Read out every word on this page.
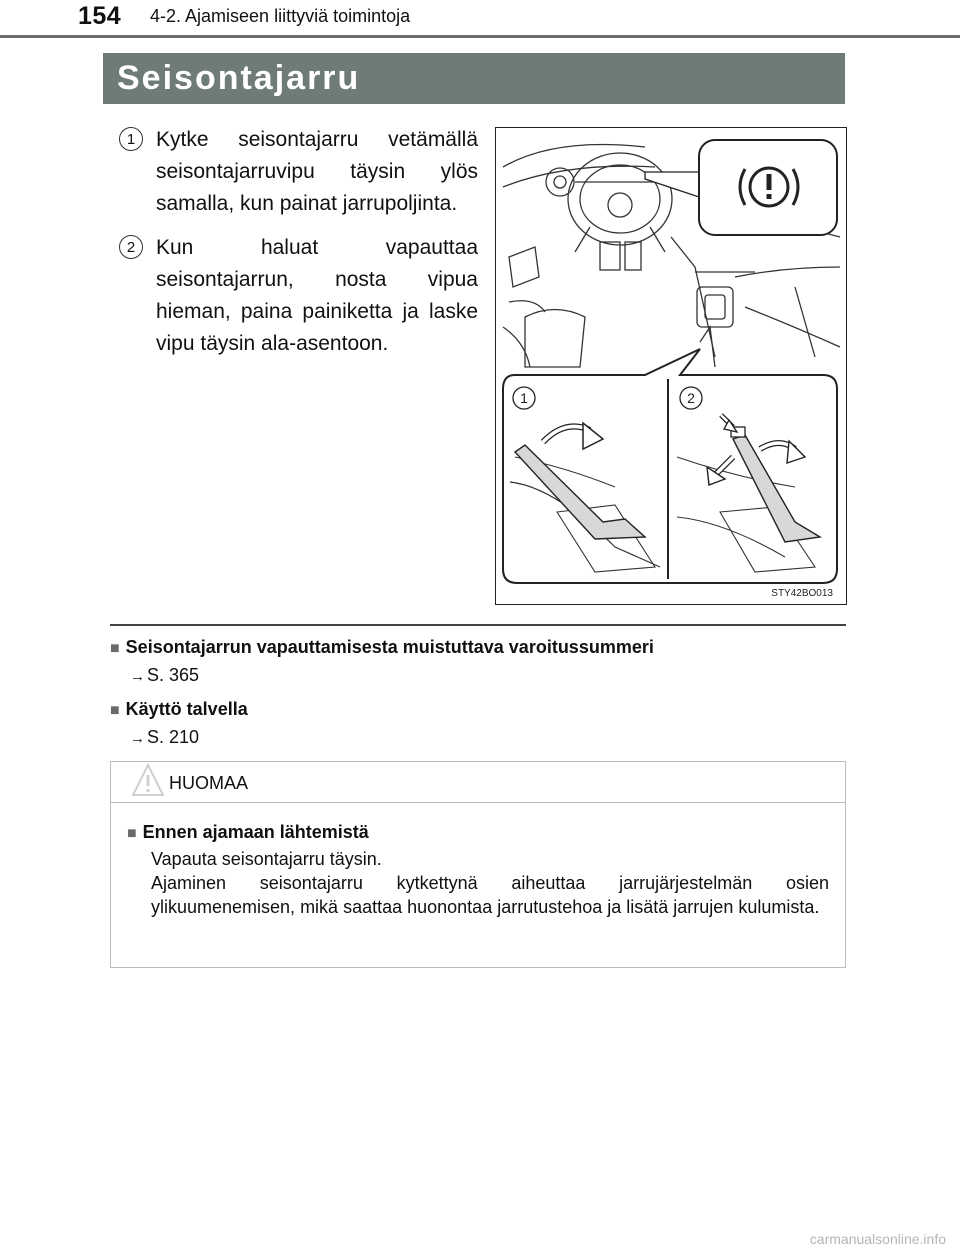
154 4-2. Ajamiseen liittyviä toimintoja
Seisontajarru
1 Kytke seisontajarru vetämällä seisontajarruvipu täysin ylös samalla, kun painat jarrupoljinta.
2 Kun haluat vapauttaa seisontajarrun, nosta vipua hieman, paina painiketta ja laske vipu täysin ala-asentoon.
1	2
STY42BO013
■ Seisontajarrun vapauttamisesta muistuttava varoitussummeri
→ S. 365
■ Käyttö talvella
→ S. 210
HUOMAA
■ Ennen ajamaan lähtemistä
Vapauta seisontajarru täysin.
Ajaminen seisontajarru kytkettynä aiheuttaa jarrujärjestelmän osien ylikuumenemisen, mikä saattaa huonontaa jarrutustehoa ja lisätä jarrujen kulumista.
carmanualsonline.info
